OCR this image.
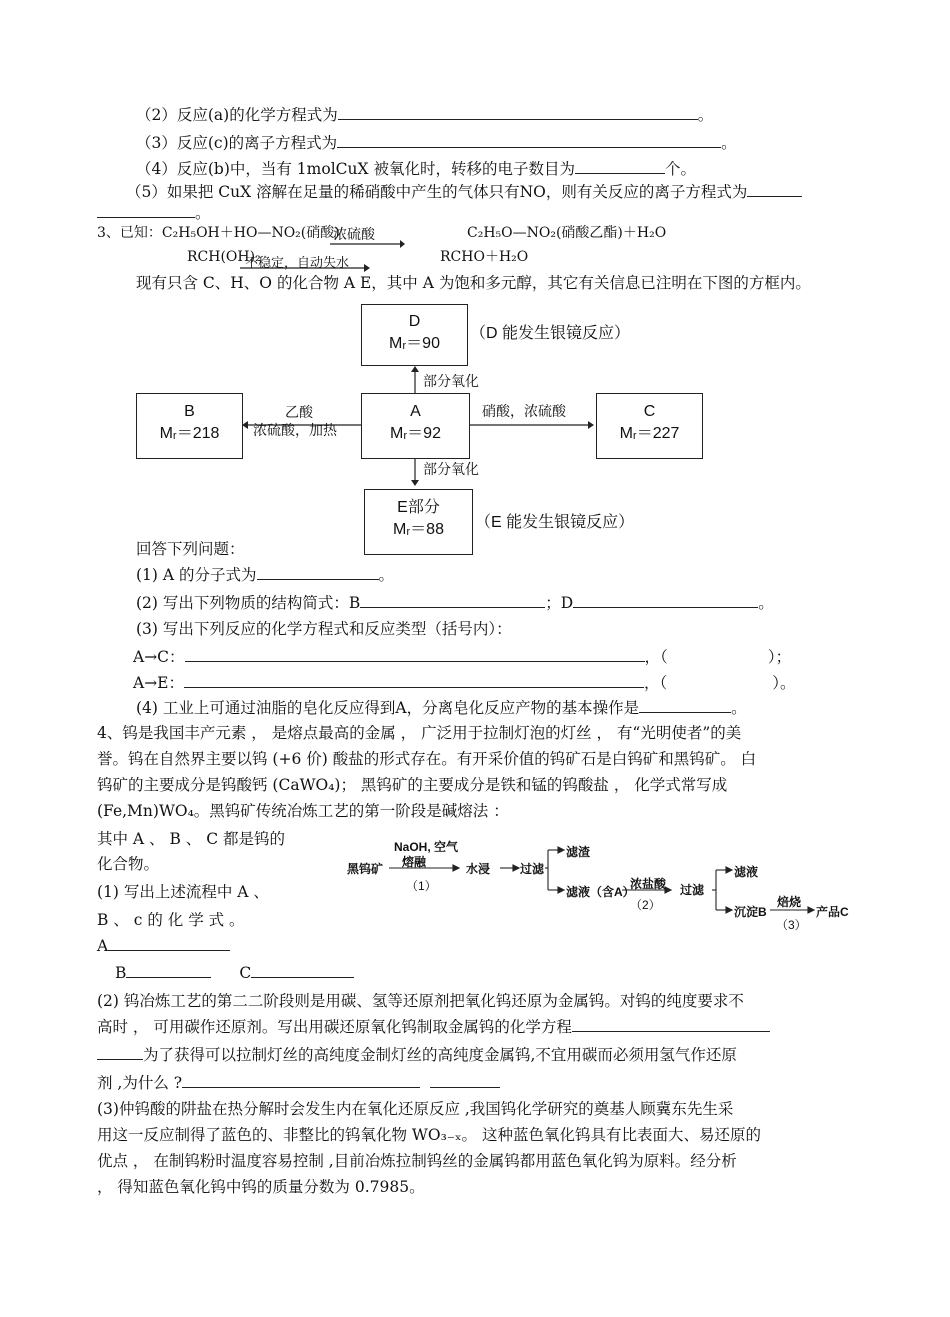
（2）反应(a)的化学方程式为	。
（3）反应(c)的离子方程式为	。
（4）反应(b)中，当有 1molCuX 被氧化时，转移的电子数目为	个。
（5）如果把 CuX 溶解在足量的稀硝酸中产生的气体只有NO，则有关反应的离子方程式为
。
3、已知：C₂H₅OH＋HO—NO₂(硝酸)
浓硫酸	C₂H₅O—NO₂(硝酸乙酯)＋H₂O
RCH(OH)₂
不稳定，自动失水	RCHO＋H₂O
现有只含 C、H、O 的化合物 A E，其中 A 为饱和多元醇，其它有关信息已注明在下图的方框内。
D
Mᵣ＝90
（D 能发生银镜反应）
部分氧化
B
Mᵣ＝218
乙酸
浓硫酸，加热
A
Mᵣ＝92
硝酸，浓硫酸	C
Mᵣ＝227
部分氧化
E部分
Mᵣ＝88	（E 能发生银镜反应）
回答下列问题：
(1) A 的分子式为	。
(2) 写出下列物质的结构简式：B	；D	。
(3) 写出下列反应的化学方程式和反应类型（括号内）：
A→C：	，（	）；
A→E：	，（	）。
(4) 工业上可通过油脂的皂化反应得到A，分离皂化反应产物的基本操作是	。
4、钨是我国丰产元素 ， 是熔点最高的金属 ， 广泛用于拉制灯泡的灯丝 ， 有“光明使者”的美
誉。钨在自然界主要以钨 (+6 价) 酸盐的形式存在。有开采价值的钨矿石是白钨矿和黑钨矿。 白
钨矿的主要成分是钨酸钙 (CaWO₄)； 黑钨矿的主要成分是铁和锰的钨酸盐 ， 化学式常写成
(Fe,Mn)WO₄。黑钨矿传统冶炼工艺的第一阶段是碱熔法 ：
其中 A 、 B 、 C 都是钨的
化合物。
(1) 写出上述流程中 A 、
B 、 c 的 化 学 式 。
A
B	C
黑钨矿
NaOH, 空气
熔融
（1）
水浸 过滤
滤渣
滤液（含A）
浓盐酸
（2）
过滤
滤液
沉淀B
焙烧
（3）
产品C
(2) 钨冶炼工艺的第二二阶段则是用碳、氢等还原剂把氧化钨还原为金属钨。对钨的纯度要求不
高时 ， 可用碳作还原剂。写出用碳还原氧化钨制取金属钨的化学方程
为了获得可以拉制灯丝的高纯度金制灯丝的高纯度金属钨,不宜用碳而必须用氢气作还原
剂 ,为什么 ?
(3)仲钨酸的阱盐在热分解时会发生内在氧化还原反应 ,我国钨化学研究的奠基人顾冀东先生采
用这一反应制得了蓝色的、非整比的钨氧化物 WO₃₋ₓ。 这种蓝色氧化钨具有比表面大、易还原的
优点 ， 在制钨粉时温度容易控制 ,目前冶炼拉制钨丝的金属钨都用蓝色氧化钨为原料。经分析
， 得知蓝色氧化钨中钨的质量分数为 0.7985。
